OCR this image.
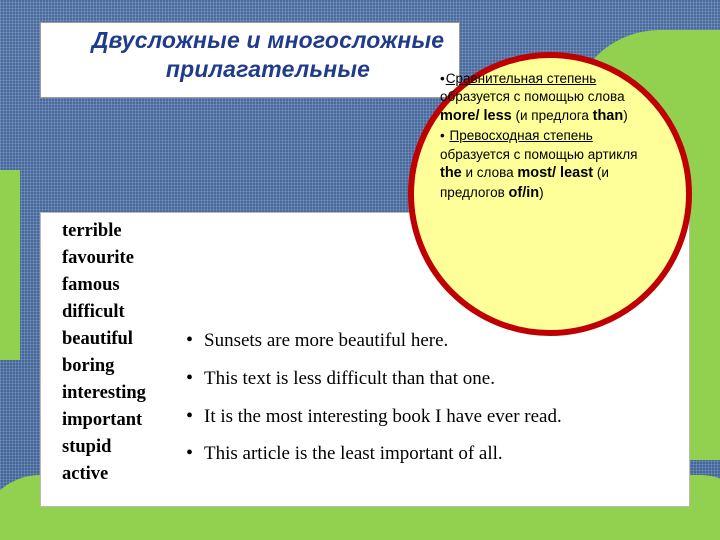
Двусложные и многосложные прилагательные
terrible
favourite
famous
difficult
beautiful
boring
interesting
important
stupid
active
• Sunsets are more beautiful here.
• This text is less difficult than that one.
• It is the most interesting book I have ever read.
• This article is the least important of all.

• Сравнительная степень образуется с помощью слова more/ less (и предлога than)

• Превосходная степень образуется с помощью артикля the и слова most/ least (и предлогов of/in)
